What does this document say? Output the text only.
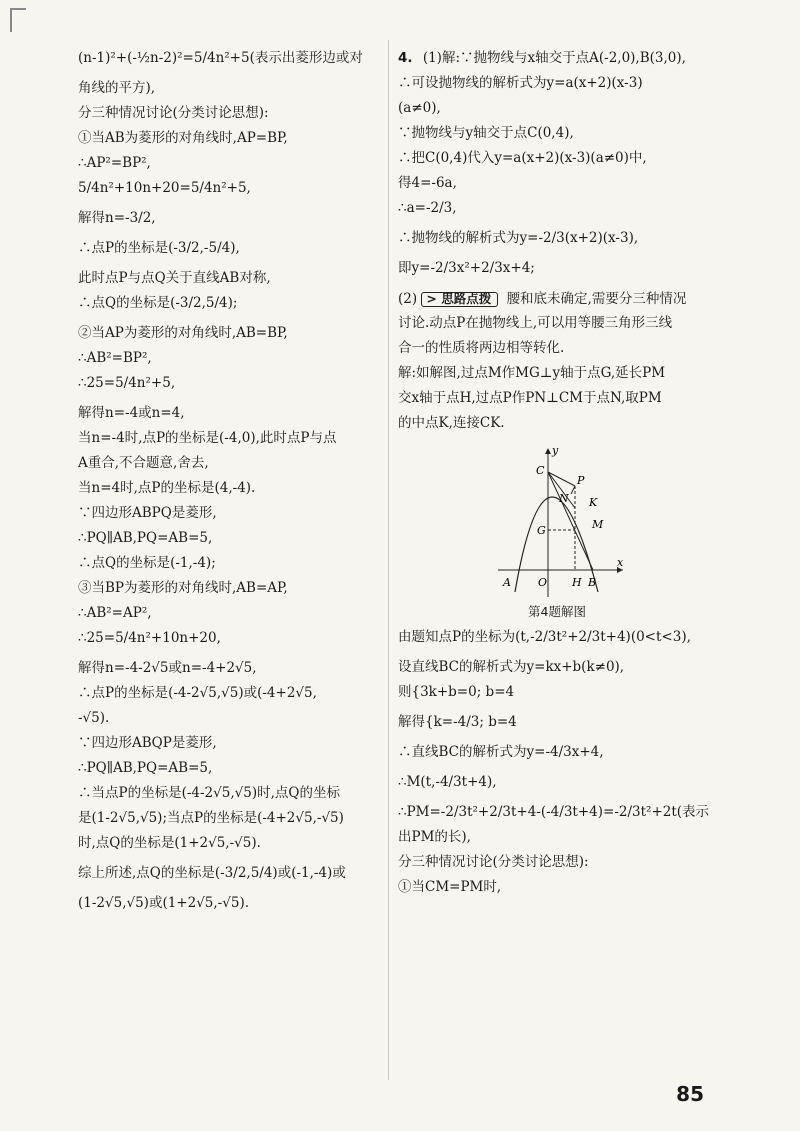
(n-1)²+(-½n-2)²=5/4n²+5(表示出菱形边或对
角线的平方),
分三种情况讨论(分类讨论思想):
①当AB为菱形的对角线时,AP=BP,
∴AP²=BP²,
5/4n²+10n+20=5/4n²+5,
解得n=-3/2,
∴点P的坐标是(-3/2,-5/4),
此时点P与点Q关于直线AB对称,
∴点Q的坐标是(-3/2,5/4);
②当AP为菱形的对角线时,AB=BP,
∴AB²=BP²,
∴25=5/4n²+5,
解得n=-4或n=4,
当n=-4时,点P的坐标是(-4,0),此时点P与点
A重合,不合题意,舍去,
当n=4时,点P的坐标是(4,-4).
∵四边形ABPQ是菱形,
∴PQ∥AB,PQ=AB=5,
∴点Q的坐标是(-1,-4);
③当BP为菱形的对角线时,AB=AP,
∴AB²=AP²,
∴25=5/4n²+10n+20,
解得n=-4-2√5或n=-4+2√5,
∴点P的坐标是(-4-2√5,√5)或(-4+2√5,
-√5).
∵四边形ABQP是菱形,
∴PQ∥AB,PQ=AB=5,
∴当点P的坐标是(-4-2√5,√5)时,点Q的坐标
是(1-2√5,√5);当点P的坐标是(-4+2√5,-√5)
时,点Q的坐标是(1+2√5,-√5).
综上所述,点Q的坐标是(-3/2,5/4)或(-1,-4)或
(1-2√5,√5)或(1+2√5,-√5).
4. (1)解:∵抛物线与x轴交于点A(-2,0),B(3,0),
∴可设抛物线的解析式为y=a(x+2)(x-3)
(a≠0),
∵抛物线与y轴交于点C(0,4),
∴把C(0,4)代入y=a(x+2)(x-3)(a≠0)中,
得4=-6a,
∴a=-2/3,
∴抛物线的解析式为y=-2/3(x+2)(x-3),
即y=-2/3x²+2/3x+4;
(2) > 思路点拨 腰和底未确定,需要分三种情况
讨论.动点P在抛物线上,可以用等腰三角形三线
合一的性质将两边相等转化.
解:如解图,过点M作MG⊥y轴于点G,延长PM
交x轴于点H,过点P作PN⊥CM于点N,取PM
的中点K,连接CK.
y
x
C
P
N K
G	M
A O H B
第4题解图
由题知点P的坐标为(t,-2/3t²+2/3t+4)(0<t<3),
设直线BC的解析式为y=kx+b(k≠0),
则{3k+b=0; b=4
解得{k=-4/3; b=4
∴直线BC的解析式为y=-4/3x+4,
∴M(t,-4/3t+4),
∴PM=-2/3t²+2/3t+4-(-4/3t+4)=-2/3t²+2t(表示
出PM的长),
分三种情况讨论(分类讨论思想):
①当CM=PM时,
85
